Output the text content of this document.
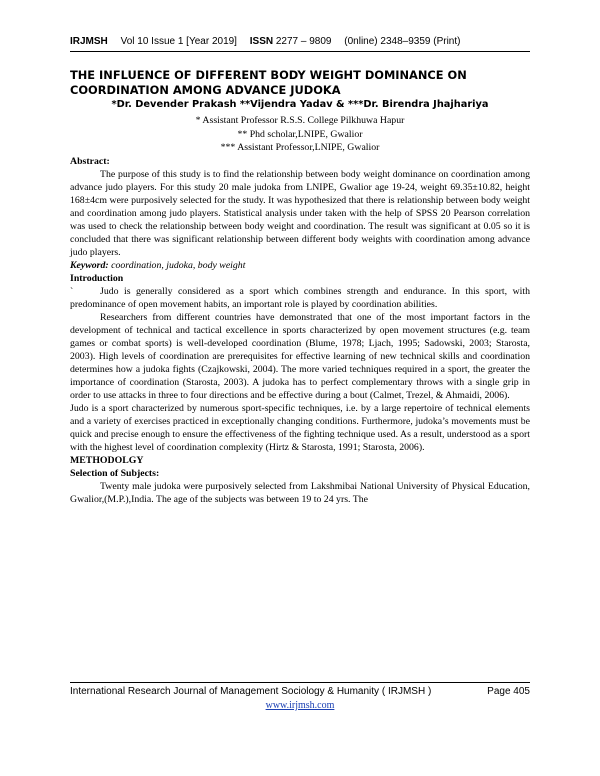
IRJMSH Vol 10 Issue 1 [Year 2019] ISSN 2277 – 9809 (0nline) 2348–9359 (Print)

THE INFLUENCE OF DIFFERENT BODY WEIGHT DOMINANCE ON

COORDINATION AMONG ADVANCE JUDOKA

*Dr. Devender Prakash **Vijendra Yadav & ***Dr. Birendra Jhajhariya
* Assistant Professor R.S.S. College Pilkhuwa Hapur
** Phd scholar,LNIPE, Gwalior
*** Assistant Professor,LNIPE, Gwalior
Abstract:

The purpose of this study is to find the relationship between body weight dominance on coordination among advance judo players. For this study 20 male judoka from LNIPE, Gwalior age 19-24, weight 69.35±10.82, height 168±4cm were purposively selected for the study. It was hypothesized that there is relationship between body weight and coordination among judo players. Statistical analysis under taken with the help of SPSS 20 Pearson correlation was used to check the relationship between body weight and coordination. The result was significant at 0.05 so it is concluded that there was significant relationship between different body weights with coordination among advance judo players.

Keyword: coordination, judoka, body weight
Introduction

`	Judo is generally considered as a sport which combines strength and endurance. In this sport, with predominance of open movement habits, an important role is played by coordination abilities.

Researchers from different countries have demonstrated that one of the most important factors in the development of technical and tactical excellence in sports characterized by open movement structures (e.g. team games or combat sports) is well-developed coordination (Blume, 1978; Ljach, 1995; Sadowski, 2003; Starosta, 2003). High levels of coordination are prerequisites for effective learning of new technical skills and coordination determines how a judoka fights (Czajkowski, 2004). The more varied techniques required in a sport, the greater the importance of coordination (Starosta, 2003). A judoka has to perfect complementary throws with a single grip in order to use attacks in three to four directions and be effective during a bout (Calmet, Trezel, & Ahmaidi, 2006).

Judo is a sport characterized by numerous sport-specific techniques, i.e. by a large repertoire of technical elements and a variety of exercises practiced in exceptionally changing conditions. Furthermore, judoka’s movements must be quick and precise enough to ensure the effectiveness of the fighting technique used. As a result, understood as a sport with the highest level of coordination complexity (Hirtz & Starosta, 1991; Starosta, 2006).

METHODOLGY
Selection of Subjects:

Twenty male judoka were purposively selected from Lakshmibai National University of Physical Education, Gwalior,(M.P.),India. The age of the subjects was between 19 to 24 yrs. The

International Research Journal of Management Sociology & Humanity ( IRJMSH )	Page 405
www.irjmsh.com
